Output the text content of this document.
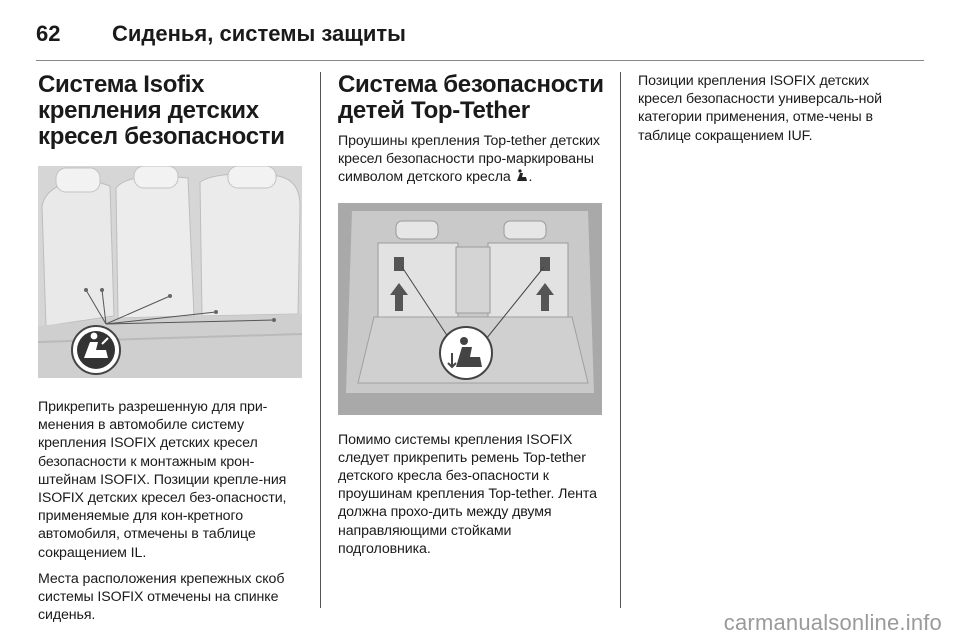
62	Сиденья, системы защиты
Система Isofix крепления детских кресел безопасности

Прикрепить разрешенную для при-менения в автомобиле систему крепления ISOFIX детских кресел безопасности к монтажным крон-штейнам ISOFIX. Позиции крепле-ния ISOFIX детских кресел без-опасности, применяемые для кон-кретного автомобиля, отмечены в таблице сокращением IL.

Места расположения крепежных скоб системы ISOFIX отмечены на спинке сиденья.

Система безопасности детей Top-Tether

Проушины крепления Top-tether детских кресел безопасности про-маркированы символом детского кресла .

Помимо системы крепления ISOFIX следует прикрепить ремень Top-tether детского кресла без-опасности к проушинам крепления Top-tether. Лента должна прохо-дить между двумя направляющими стойками подголовника.

Позиции крепления ISOFIX детских кресел безопасности универсаль-ной категории применения, отме-чены в таблице сокращением IUF.

carmanualsonline.info
